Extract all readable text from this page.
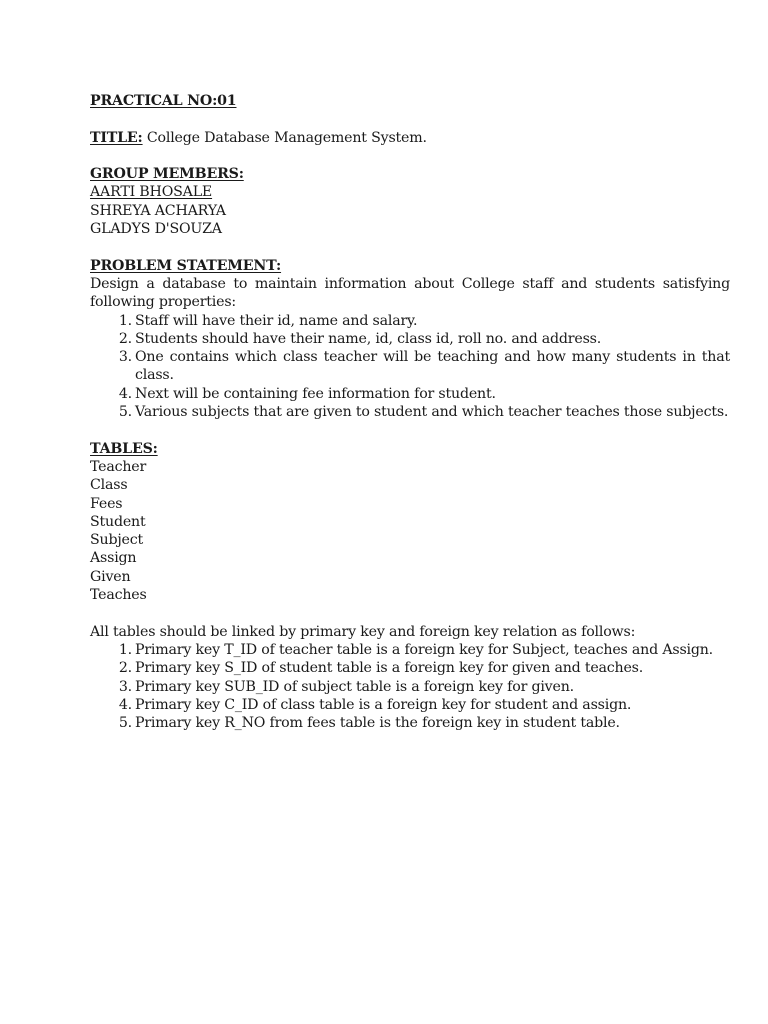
PRACTICAL NO:01
TITLE: College Database Management System.
GROUP MEMBERS:
AARTI BHOSALE
SHREYA ACHARYA
GLADYS D'SOUZA
PROBLEM STATEMENT:
Design a database to maintain information about College staff and students satisfying following properties:
1. Staff will have their id, name and salary.
2. Students should have their name, id, class id, roll no. and address.
3. One contains which class teacher will be teaching and how many students in that class.
4. Next will be containing fee information for student.
5. Various subjects that are given to student and which teacher teaches those subjects.
TABLES:
Teacher
Class
Fees
Student
Subject
Assign
Given
Teaches
All tables should be linked by primary key and foreign key relation as follows:
1. Primary key T_ID of teacher table is a foreign key for Subject, teaches and Assign.
2. Primary key S_ID of student table is a foreign key for given and teaches.
3. Primary key SUB_ID of subject table is a foreign key for given.
4. Primary key C_ID of class table is a foreign key for student and assign.
5. Primary key R_NO from fees table is the foreign key in student table.
